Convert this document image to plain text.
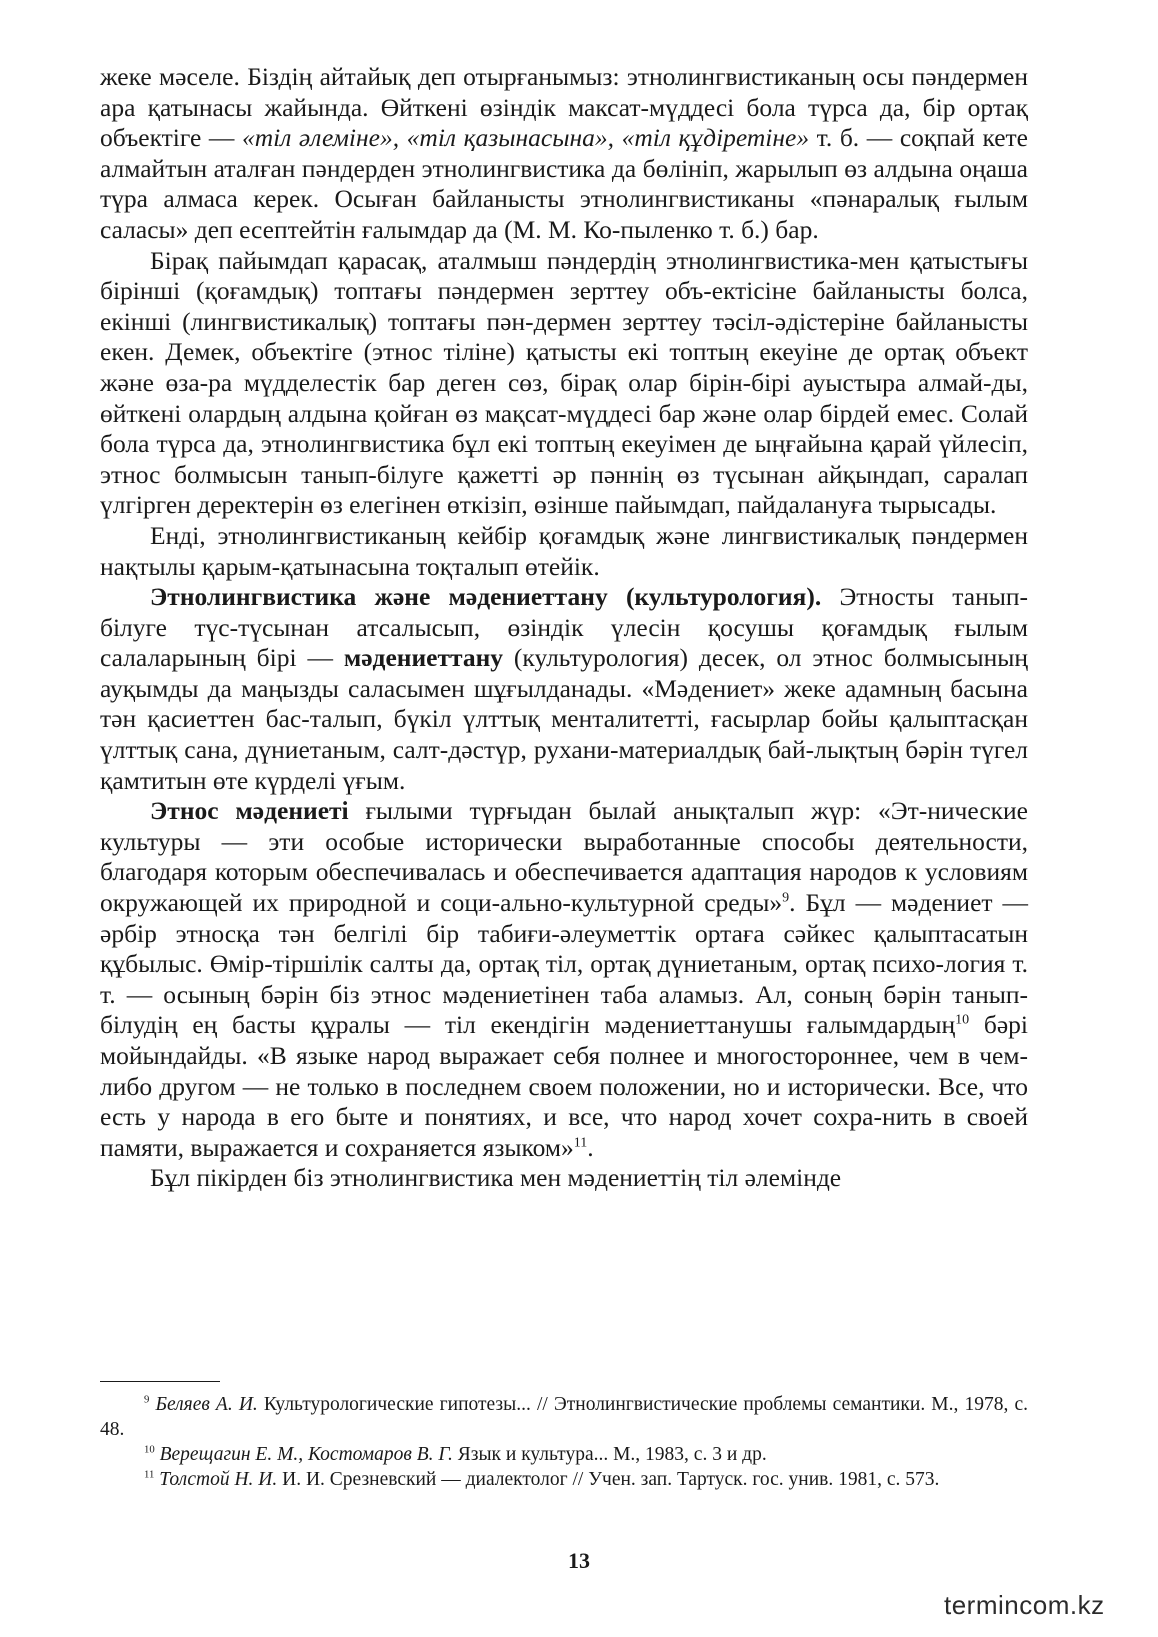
жеке мәселе. Біздің айтайық деп отырғанымыз: этнолингвистиканың осы пәндермен ара қатынасы жайында. Өйткені өзіндік максат-мүддесі бола түрса да, бір ортақ объектіге — «тіл әлеміне», «тіл қазынасына», «тіл құдіретіне» т. б. — соқпай кете алмайтын аталған пәндерден этнолингвистика да бөлініп, жарылып өз алдына оңаша түра алмаса керек. Осыған байланысты этнолингвистиканы «пәнаралық ғылым саласы» деп есептейтін ғалымдар да (М. М. Ко-пыленко т. б.) бар.

Бірақ пайымдап қарасақ, аталмыш пәндердің этнолингвистика-мен қатыстығы бірінші (қоғамдық) топтағы пәндермен зерттеу объ-ектісіне байланысты болса, екінші (лингвистикалық) топтағы пән-дермен зерттеу тәсіл-әдістеріне байланысты екен. Демек, объектіге (этнос тіліне) қатысты екі топтың екеуіне де ортақ объект және өза-ра мүдделестік бар деген сөз, бірақ олар бірін-бірі ауыстыра алмай-ды, өйткені олардың алдына қойған өз мақсат-мүддесі бар және олар бірдей емес. Солай бола түрса да, этнолингвистика бұл екі топтың екеуімен де ыңғайына қарай үйлесіп, этнос болмысын танып-білуге қажетті әр пәннің өз түсынан айқындап, саралап үлгірген деректерін өз елегінен өткізіп, өзінше пайымдап, пайдалануға тырысады.

Енді, этнолингвистиканың кейбір қоғамдық және лингвистикалық пәндермен нақтылы қарым-қатынасына тоқталып өтейік.

Этнолингвистика және мәдениеттану (культурология). Этносты танып-білуге түс-түсынан атсалысып, өзіндік үлесін қосушы қоғамдық ғылым салаларының бірі — мәдениеттану (культурология) десек, ол этнос болмысының ауқымды да маңызды саласымен шұғылданады. «Мәдениет» жеке адамның басына тән қасиеттен бас-талып, бүкіл үлттық менталитетті, ғасырлар бойы қалыптасқан үлттық сана, дүниетаным, салт-дәстүр, рухани-материалдық бай-лықтың бәрін түгел қамтитын өте күрделі үғым.

Этнос мәдениеті ғылыми түрғыдан былай анықталып жүр: «Эт-нические культуры — эти особые исторически выработанные способы деятельности, благодаря которым обеспечивалась и обеспечивается адаптация народов к условиям окружающей их природной и соци-ально-культурной среды»$^9$. Бұл — мәдениет — әрбір этносқа тән белгілі бір табиғи-әлеуметтік ортаға сәйкес қалыптасатын құбылыс. Өмір-тіршілік салты да, ортақ тіл, ортақ дүниетаным, ортақ психо-логия т. т. — осының бәрін біз этнос мәдениетінен таба аламыз. Ал, соның бәрін танып-білудің ең басты құралы — тіл екендігін мәдениеттанушы ғалымдардың$^{10}$ бәрі мойындайды. «В языке народ выражает себя полнее и многостороннее, чем в чем-либо другом — не только в последнем своем положении, но и исторически. Все, что есть у народа в его быте и понятиях, и все, что народ хочет сохра-нить в своей памяти, выражается и сохраняется языком»$^{11}$.

Бұл пікірден біз этнолингвистика мен мәдениеттің тіл әлемінде

$^9$ Беляев А. И. Культурологические гипотезы... // Этнолингвистические проблемы семантики. М., 1978, с. 48.

$^{10}$ Верещагин Е. М., Костомаров В. Г. Язык и культура... М., 1983, с. 3 и др.

$^{11}$ Толстой Н. И. И. И. Срезневский — диалектолог // Учен. зап. Тартуск. гос. унив. 1981, с. 573.

13
termincom.kz
